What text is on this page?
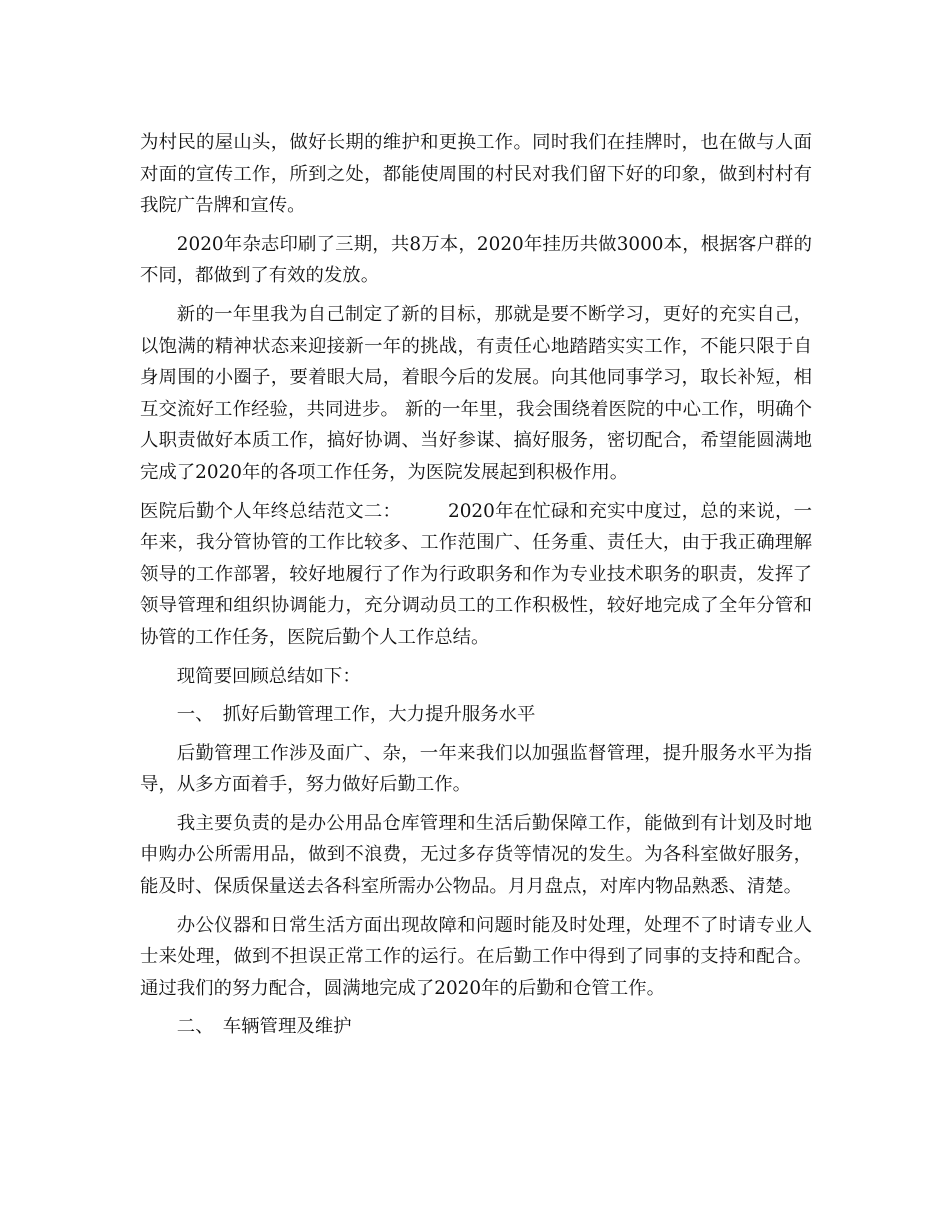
为村民的屋山头，做好长期的维护和更换工作。同时我们在挂牌时，也在做与人面对面的宣传工作，所到之处，都能使周围的村民对我们留下好的印象，做到村村有我院广告牌和宣传。

2020年杂志印刷了三期，共8万本，2020年挂历共做3000本，根据客户群的不同，都做到了有效的发放。

新的一年里我为自己制定了新的目标，那就是要不断学习，更好的充实自己，以饱满的精神状态来迎接新一年的挑战，有责任心地踏踏实实工作，不能只限于自身周围的小圈子，要着眼大局，着眼今后的发展。向其他同事学习，取长补短，相互交流好工作经验，共同进步。 新的一年里，我会围绕着医院的中心工作，明确个人职责做好本质工作，搞好协调、当好参谋、搞好服务，密切配合，希望能圆满地完成了2020年的各项工作任务，为医院发展起到积极作用。

医院后勤个人年终总结范文二：　　　2020年在忙碌和充实中度过，总的来说，一年来，我分管协管的工作比较多、工作范围广、任务重、责任大，由于我正确理解领导的工作部署，较好地履行了作为行政职务和作为专业技术职务的职责，发挥了领导管理和组织协调能力，充分调动员工的工作积极性，较好地完成了全年分管和协管的工作任务，医院后勤个人工作总结。

现简要回顾总结如下：

一、　抓好后勤管理工作，大力提升服务水平

后勤管理工作涉及面广、杂，一年来我们以加强监督管理，提升服务水平为指导，从多方面着手，努力做好后勤工作。

我主要负责的是办公用品仓库管理和生活后勤保障工作，能做到有计划及时地申购办公所需用品，做到不浪费，无过多存货等情况的发生。为各科室做好服务，能及时、保质保量送去各科室所需办公物品。月月盘点，对库内物品熟悉、清楚。

办公仪器和日常生活方面出现故障和问题时能及时处理，处理不了时请专业人士来处理，做到不担误正常工作的运行。在后勤工作中得到了同事的支持和配合。通过我们的努力配合，圆满地完成了2020年的后勤和仓管工作。

二、　车辆管理及维护
